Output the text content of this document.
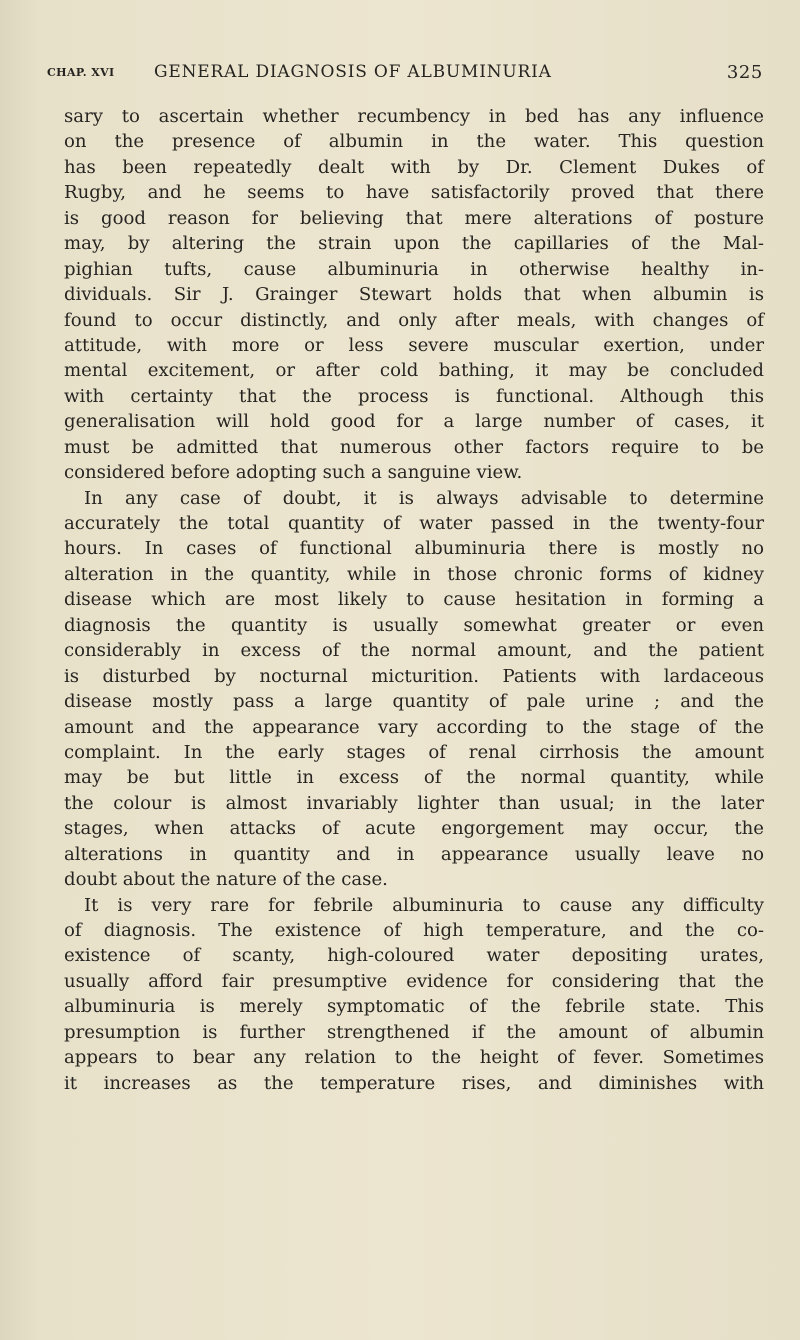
CHAP. XVI GENERAL DIAGNOSIS OF ALBUMINURIA	325
sary to ascertain whether recumbency in bed has any influence
on the presence of albumin in the water. This question
has been repeatedly dealt with by Dr. Clement Dukes of
Rugby, and he seems to have satisfactorily proved that there
is good reason for believing that mere alterations of posture
may, by altering the strain upon the capillaries of the Mal-
pighian tufts, cause albuminuria in otherwise healthy in-
dividuals. Sir J. Grainger Stewart holds that when albumin is
found to occur distinctly, and only after meals, with changes of
attitude, with more or less severe muscular exertion, under
mental excitement, or after cold bathing, it may be concluded
with certainty that the process is functional. Although this
generalisation will hold good for a large number of cases, it
must be admitted that numerous other factors require to be
considered before adopting such a sanguine view.
In any case of doubt, it is always advisable to determine
accurately the total quantity of water passed in the twenty-four
hours. In cases of functional albuminuria there is mostly no
alteration in the quantity, while in those chronic forms of kidney
disease which are most likely to cause hesitation in forming a
diagnosis the quantity is usually somewhat greater or even
considerably in excess of the normal amount, and the patient
is disturbed by nocturnal micturition. Patients with lardaceous
disease mostly pass a large quantity of pale urine ; and the
amount and the appearance vary according to the stage of the
complaint. In the early stages of renal cirrhosis the amount
may be but little in excess of the normal quantity, while
the colour is almost invariably lighter than usual; in the later
stages, when attacks of acute engorgement may occur, the
alterations in quantity and in appearance usually leave no
doubt about the nature of the case.
It is very rare for febrile albuminuria to cause any difficulty
of diagnosis. The existence of high temperature, and the co-
existence of scanty, high-coloured water depositing urates,
usually afford fair presumptive evidence for considering that the
albuminuria is merely symptomatic of the febrile state. This
presumption is further strengthened if the amount of albumin
appears to bear any relation to the height of fever. Sometimes
it increases as the temperature rises, and diminishes with
